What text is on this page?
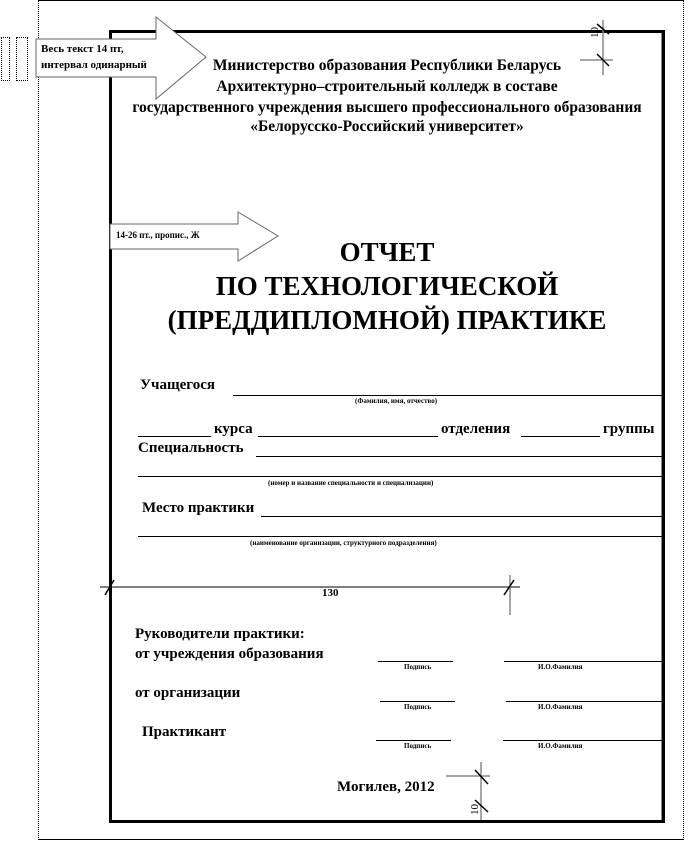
Весь текст 14 пт,
интервал одинарный
10
Министерство образования Республики Беларусь
Архитектурно–строительный колледж в составе
государственного учреждения высшего профессионального образования
«Белорусско-Российский университет»
14-26 пт., пропис., Ж
ОТЧЕТ
ПО ТЕХНОЛОГИЧЕСКОЙ
(ПРЕДДИПЛОМНОЙ) ПРАКТИКЕ
Учащегося
(Фамилия, имя, отчество)
курса	отделения	группы
Специальность
(номер и название специальности и специализации)
Место практики
(наименование организации, структурного подразделения)
130
Руководители практики:
от учреждения образования
Подпись	И.О.Фамилия
от организации
Подпись	И.О.Фамилия
Практикант
Подпись	И.О.Фамилия
Могилев, 2012
10
